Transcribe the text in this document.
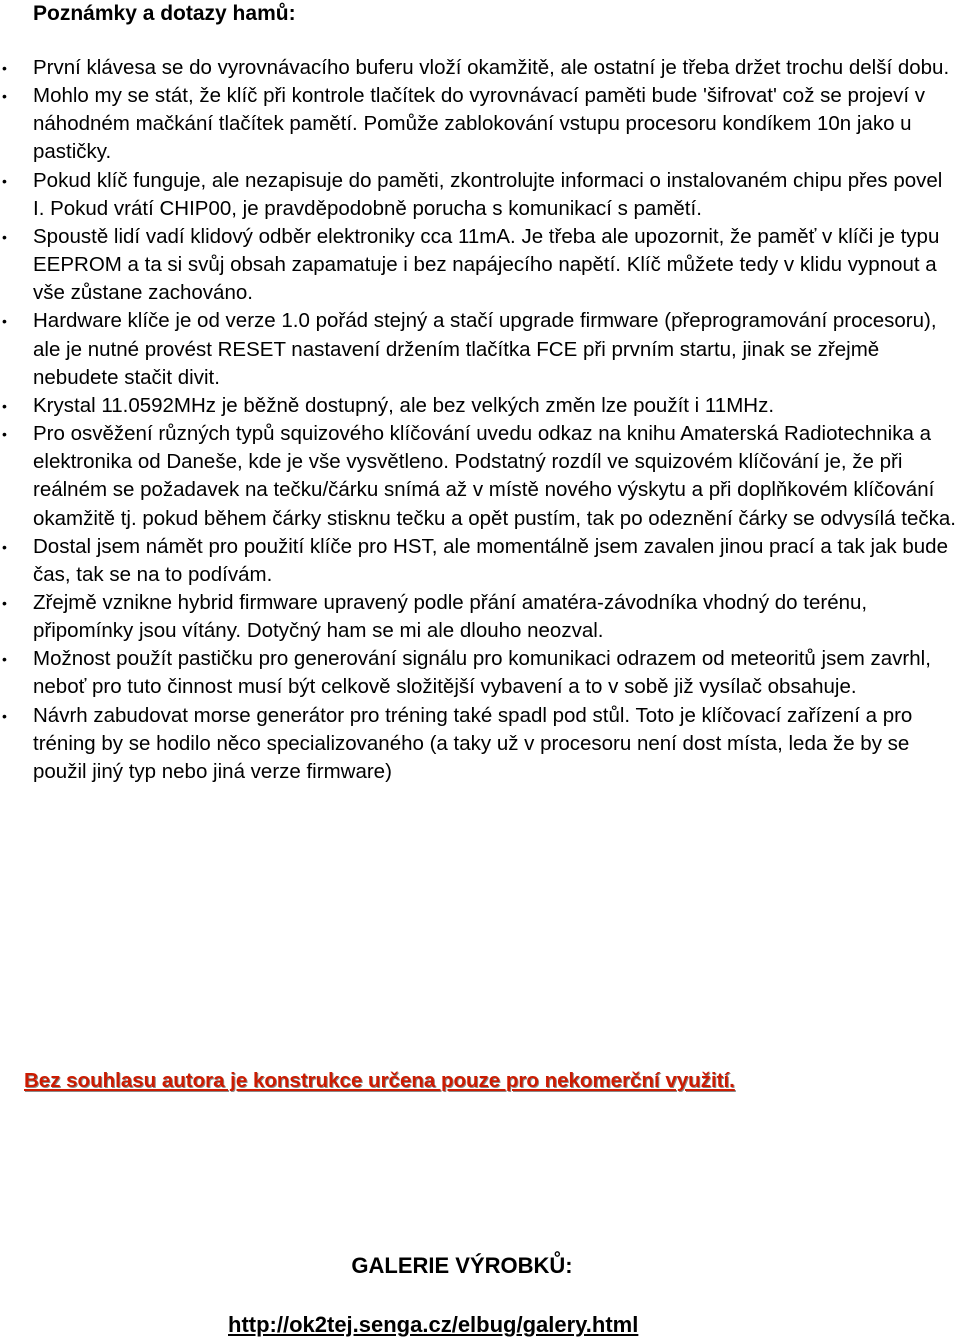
Poznámky a dotazy hamů:
• První klávesa se do vyrovnávacího buferu vloží okamžitě, ale ostatní je třeba držet trochu delší dobu.
• Mohlo my se stát, že klíč při kontrole tlačítek do vyrovnávací paměti bude 'šifrovat' což se projeví v náhodném mačkání tlačítek pamětí. Pomůže zablokování vstupu procesoru kondíkem 10n jako u pastičky.
• Pokud klíč funguje, ale nezapisuje do paměti, zkontrolujte informaci o instalovaném chipu přes povel I. Pokud vrátí CHIP00, je pravděpodobně porucha s komunikací s pamětí.
• Spoustě lidí vadí klidový odběr elektroniky cca 11mA. Je třeba ale upozornit, že paměť v klíči je typu EEPROM a ta si svůj obsah zapamatuje i bez napájecího napětí. Klíč můžete tedy v klidu vypnout a vše zůstane zachováno.
• Hardware klíče je od verze 1.0 pořád stejný a stačí upgrade firmware (přeprogramování procesoru), ale je nutné provést RESET nastavení držením tlačítka FCE při prvním startu, jinak se zřejmě nebudete stačit divit.
• Krystal 11.0592MHz je běžně dostupný, ale bez velkých změn lze použít i 11MHz.
• Pro osvěžení různých typů squizového klíčování uvedu odkaz na knihu Amaterská Radiotechnika a elektronika od Daneše, kde je vše vysvětleno. Podstatný rozdíl ve squizovém klíčování je, že při reálném se požadavek na tečku/čárku snímá až v místě nového výskytu a při doplňkovém klíčování okamžitě tj. pokud během čárky stisknu tečku a opět pustím, tak po odeznění čárky se odvysílá tečka.
• Dostal jsem námět pro použití klíče pro HST, ale momentálně jsem zavalen jinou prací a tak jak bude čas, tak se na to podívám.
• Zřejmě vznikne hybrid firmware upravený podle přání amatéra-závodníka vhodný do terénu, připomínky jsou vítány. Dotyčný ham se mi ale dlouho neozval.
• Možnost použít pastičku pro generování signálu pro komunikaci odrazem od meteoritů jsem zavrhl, neboť pro tuto činnost musí být celkově složitější vybavení a to v sobě již vysílač obsahuje.
• Návrh zabudovat morse generátor pro tréning také spadl pod stůl. Toto je klíčovací zařízení a pro tréning by se hodilo něco specializovaného (a taky už v procesoru není dost místa, leda že by se použil jiný typ nebo jiná verze firmware)

Bez souhlasu autora je konstrukce určena pouze pro nekomerční využití.

GALERIE VÝROBKŮ:
http://ok2tej.senga.cz/elbug/galery.html
